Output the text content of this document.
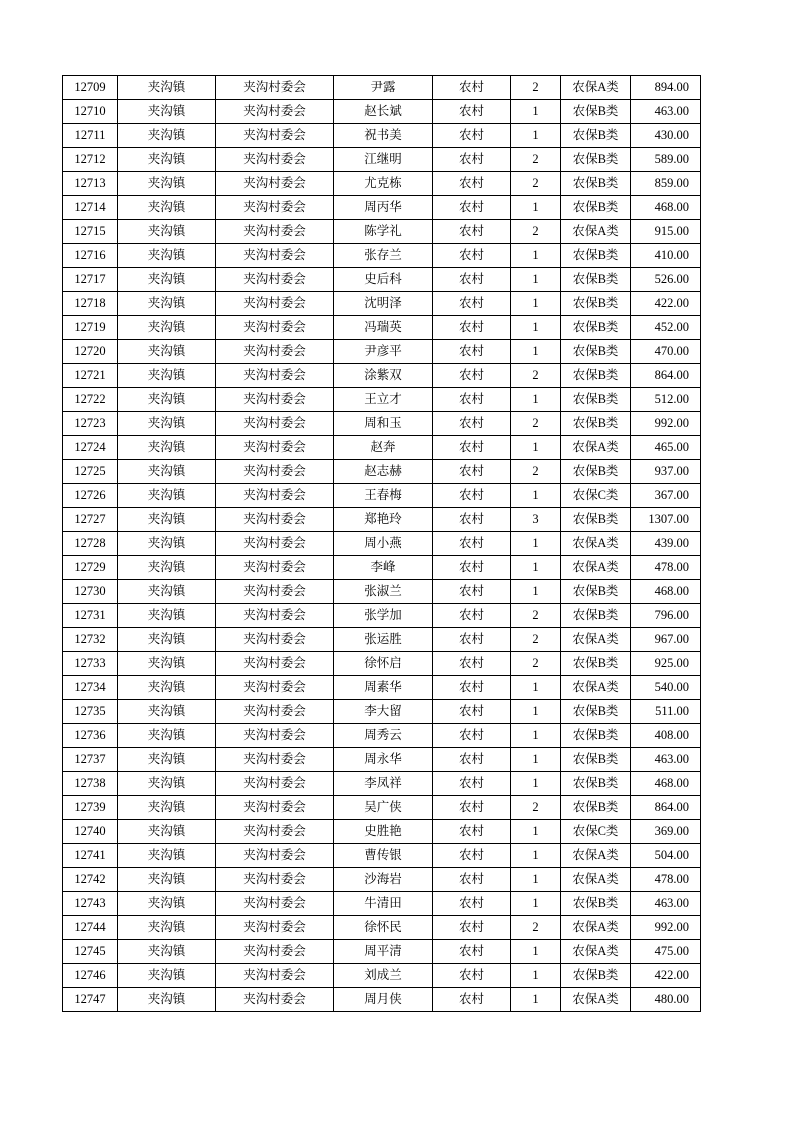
12709	夹沟镇	夹沟村委会	尹露	农村	2	农保A类	894.00
12710	夹沟镇	夹沟村委会	赵长斌	农村	1	农保B类	463.00
12711	夹沟镇	夹沟村委会	祝书美	农村	1	农保B类	430.00
12712	夹沟镇	夹沟村委会	江继明	农村	2	农保B类	589.00
12713	夹沟镇	夹沟村委会	尤克栋	农村	2	农保B类	859.00
12714	夹沟镇	夹沟村委会	周丙华	农村	1	农保B类	468.00
12715	夹沟镇	夹沟村委会	陈学礼	农村	2	农保A类	915.00
12716	夹沟镇	夹沟村委会	张存兰	农村	1	农保B类	410.00
12717	夹沟镇	夹沟村委会	史后科	农村	1	农保B类	526.00
12718	夹沟镇	夹沟村委会	沈明泽	农村	1	农保B类	422.00
12719	夹沟镇	夹沟村委会	冯瑞英	农村	1	农保B类	452.00
12720	夹沟镇	夹沟村委会	尹彦平	农村	1	农保B类	470.00
12721	夹沟镇	夹沟村委会	涂紫双	农村	2	农保B类	864.00
12722	夹沟镇	夹沟村委会	王立才	农村	1	农保B类	512.00
12723	夹沟镇	夹沟村委会	周和玉	农村	2	农保B类	992.00
12724	夹沟镇	夹沟村委会	赵奔	农村	1	农保A类	465.00
12725	夹沟镇	夹沟村委会	赵志赫	农村	2	农保B类	937.00
12726	夹沟镇	夹沟村委会	王春梅	农村	1	农保C类	367.00
12727	夹沟镇	夹沟村委会	郑艳玲	农村	3	农保B类	1307.00
12728	夹沟镇	夹沟村委会	周小燕	农村	1	农保A类	439.00
12729	夹沟镇	夹沟村委会	李峰	农村	1	农保A类	478.00
12730	夹沟镇	夹沟村委会	张淑兰	农村	1	农保B类	468.00
12731	夹沟镇	夹沟村委会	张学加	农村	2	农保B类	796.00
12732	夹沟镇	夹沟村委会	张运胜	农村	2	农保A类	967.00
12733	夹沟镇	夹沟村委会	徐怀启	农村	2	农保B类	925.00
12734	夹沟镇	夹沟村委会	周素华	农村	1	农保A类	540.00
12735	夹沟镇	夹沟村委会	李大留	农村	1	农保B类	511.00
12736	夹沟镇	夹沟村委会	周秀云	农村	1	农保B类	408.00
12737	夹沟镇	夹沟村委会	周永华	农村	1	农保B类	463.00
12738	夹沟镇	夹沟村委会	李凤祥	农村	1	农保B类	468.00
12739	夹沟镇	夹沟村委会	吴广侠	农村	2	农保B类	864.00
12740	夹沟镇	夹沟村委会	史胜艳	农村	1	农保C类	369.00
12741	夹沟镇	夹沟村委会	曹传银	农村	1	农保A类	504.00
12742	夹沟镇	夹沟村委会	沙海岩	农村	1	农保A类	478.00
12743	夹沟镇	夹沟村委会	牛清田	农村	1	农保B类	463.00
12744	夹沟镇	夹沟村委会	徐怀民	农村	2	农保A类	992.00
12745	夹沟镇	夹沟村委会	周平清	农村	1	农保A类	475.00
12746	夹沟镇	夹沟村委会	刘成兰	农村	1	农保B类	422.00
12747	夹沟镇	夹沟村委会	周月侠	农村	1	农保A类	480.00
